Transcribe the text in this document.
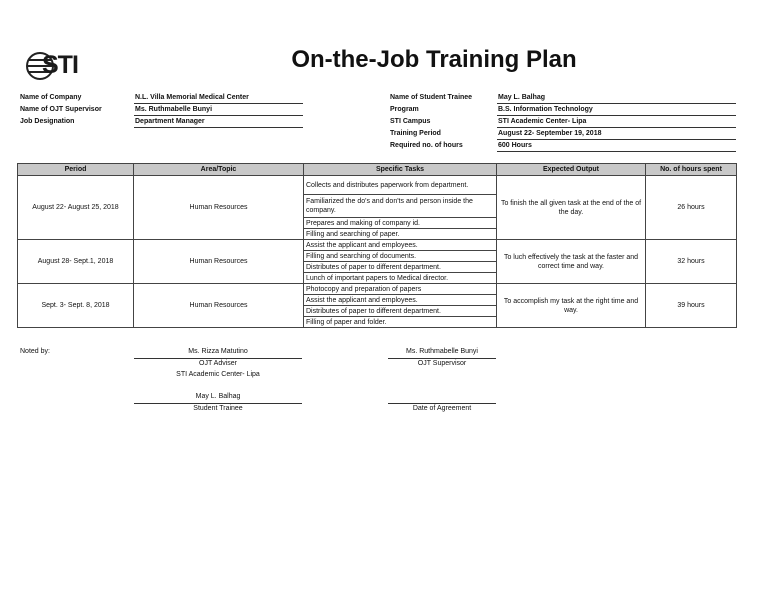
STI	On-the-Job Training Plan
Name of Company	N.L. Villa Memorial Medical Center
Name of OJT Supervisor	Ms. Ruthmabelle Bunyi
Job Designation	Department Manager
Name of Student Trainee	May L. Balhag
Program	B.S. Information Technology
STI Campus	STI Academic Center- Lipa
Training Period	August 22- September 19, 2018
Required no. of hours	600 Hours
Period	Area/Topic	Specific Tasks	Expected Output	No. of hours spent
August 22- August 25, 2018	Human Resources	Collects and distributes paperwork from department.	To finish the all given task at the end of the of the day.	26 hours
		Familiarized the do's and don'ts and person inside the company.		
		Prepares and making of company id.		
		Filling and searching of paper.		
August 28- Sept.1, 2018	Human Resources	Assist the applicant and employees.	To luch effectively the task at the faster and correct time and way.	32 hours
		Filling and searching of documents.		
		Distributes of paper to different department.		
		Lunch of important papers to Medical director.		
Sept. 3- Sept. 8, 2018	Human Resources	Photocopy and preparation of papers	To accomplish my task at the right time and way.	39 hours
		Assist the applicant and employees.		
		Distributes of paper to different department.		
		Filling of paper and folder.		
Noted by:	Ms. Rizza Matutino
OJT Adviser
STI Academic Center- Lipa
Ms. Ruthmabelle Bunyi
OJT Supervisor
May L. Balhag
Student Trainee	Date of Agreement
